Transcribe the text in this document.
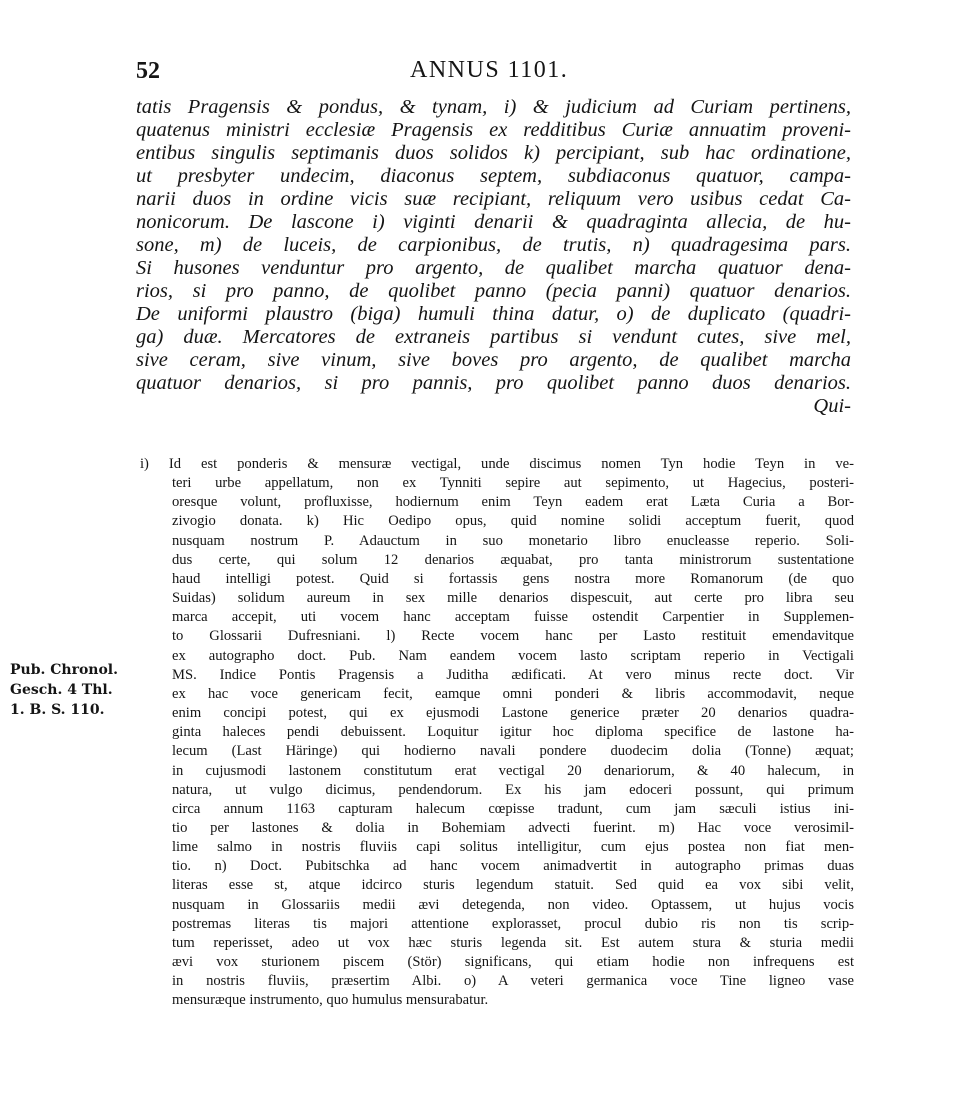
52	ANNUS 1101.
tatis Pragensis & pondus, & tynam, i) & judicium ad Curiam pertinens,
quatenus ministri ecclesiæ Pragensis ex redditibus Curiæ annuatim proveni-
entibus singulis septimanis duos solidos k) percipiant, sub hac ordinatione,
ut presbyter undecim, diaconus septem, subdiaconus quatuor, campa-
narii duos in ordine vicis suæ recipiant, reliquum vero usibus cedat Ca-
nonicorum. De lascone i) viginti denarii & quadraginta allecia, de hu-
sone, m) de luceis, de carpionibus, de trutis, n) quadragesima pars.
Si husones venduntur pro argento, de qualibet marcha quatuor dena-
rios, si pro panno, de quolibet panno (pecia panni) quatuor denarios.
De uniformi plaustro (biga) humuli thina datur, o) de duplicato (quadri-
ga) duæ. Mercatores de extraneis partibus si vendunt cutes, sive mel,
sive ceram, sive vinum, sive boves pro argento, de qualibet marcha
quatuor denarios, si pro pannis, pro quolibet panno duos denarios.
Qui-
Pub. Chronol.
Gesch. 4 Thl.
1. B. S. 110.
i) Id est ponderis & mensuræ vectigal, unde discimus nomen Tyn hodie Teyn in ve-
teri urbe appellatum, non ex Tynniti sepire aut sepimento, ut Hagecius, posteri-
oresque volunt, profluxisse, hodiernum enim Teyn eadem erat Læta Curia a Bor-
zivogio donata. k) Hic Oedipo opus, quid nomine solidi acceptum fuerit, quod
nusquam nostrum P. Adauctum in suo monetario libro enucleasse reperio. Soli-
dus certe, qui solum 12 denarios æquabat, pro tanta ministrorum sustentatione
haud intelligi potest. Quid si fortassis gens nostra more Romanorum (de quo
Suidas) solidum aureum in sex mille denarios dispescuit, aut certe pro libra seu
marca accepit, uti vocem hanc acceptam fuisse ostendit Carpentier in Supplemen-
to Glossarii Dufresniani. l) Recte vocem hanc per Lasto restituit emendavitque
ex autographo doct. Pub. Nam eandem vocem lasto scriptam reperio in Vectigali
MS. Indice Pontis Pragensis a Juditha ædificati. At vero minus recte doct. Vir
ex hac voce genericam fecit, eamque omni ponderi & libris accommodavit, neque
enim concipi potest, qui ex ejusmodi Lastone generice præter 20 denarios quadra-
ginta haleces pendi debuissent. Loquitur igitur hoc diploma specifice de lastone ha-
lecum (Last Häringe) qui hodierno navali pondere duodecim dolia (Tonne) æquat;
in cujusmodi lastonem constitutum erat vectigal 20 denariorum, & 40 halecum, in
natura, ut vulgo dicimus, pendendorum. Ex his jam edoceri possunt, qui primum
circa annum 1163 capturam halecum cœpisse tradunt, cum jam sæculi istius ini-
tio per lastones & dolia in Bohemiam advecti fuerint. m) Hac voce verosimil-
lime salmo in nostris fluviis capi solitus intelligitur, cum ejus postea non fiat men-
tio. n) Doct. Pubitschka ad hanc vocem animadvertit in autographo primas duas
literas esse st, atque idcirco sturis legendum statuit. Sed quid ea vox sibi velit,
nusquam in Glossariis medii ævi detegenda, non video. Optassem, ut hujus vocis
postremas literas tis majori attentione explorasset, procul dubio ris non tis scrip-
tum reperisset, adeo ut vox hæc sturis legenda sit. Est autem stura & sturia medii
ævi vox sturionem piscem (Stör) significans, qui etiam hodie non infrequens est
in nostris fluviis, præsertim Albi. o) A veteri germanica voce Tine ligneo vase
mensuræque instrumento, quo humulus mensurabatur.
